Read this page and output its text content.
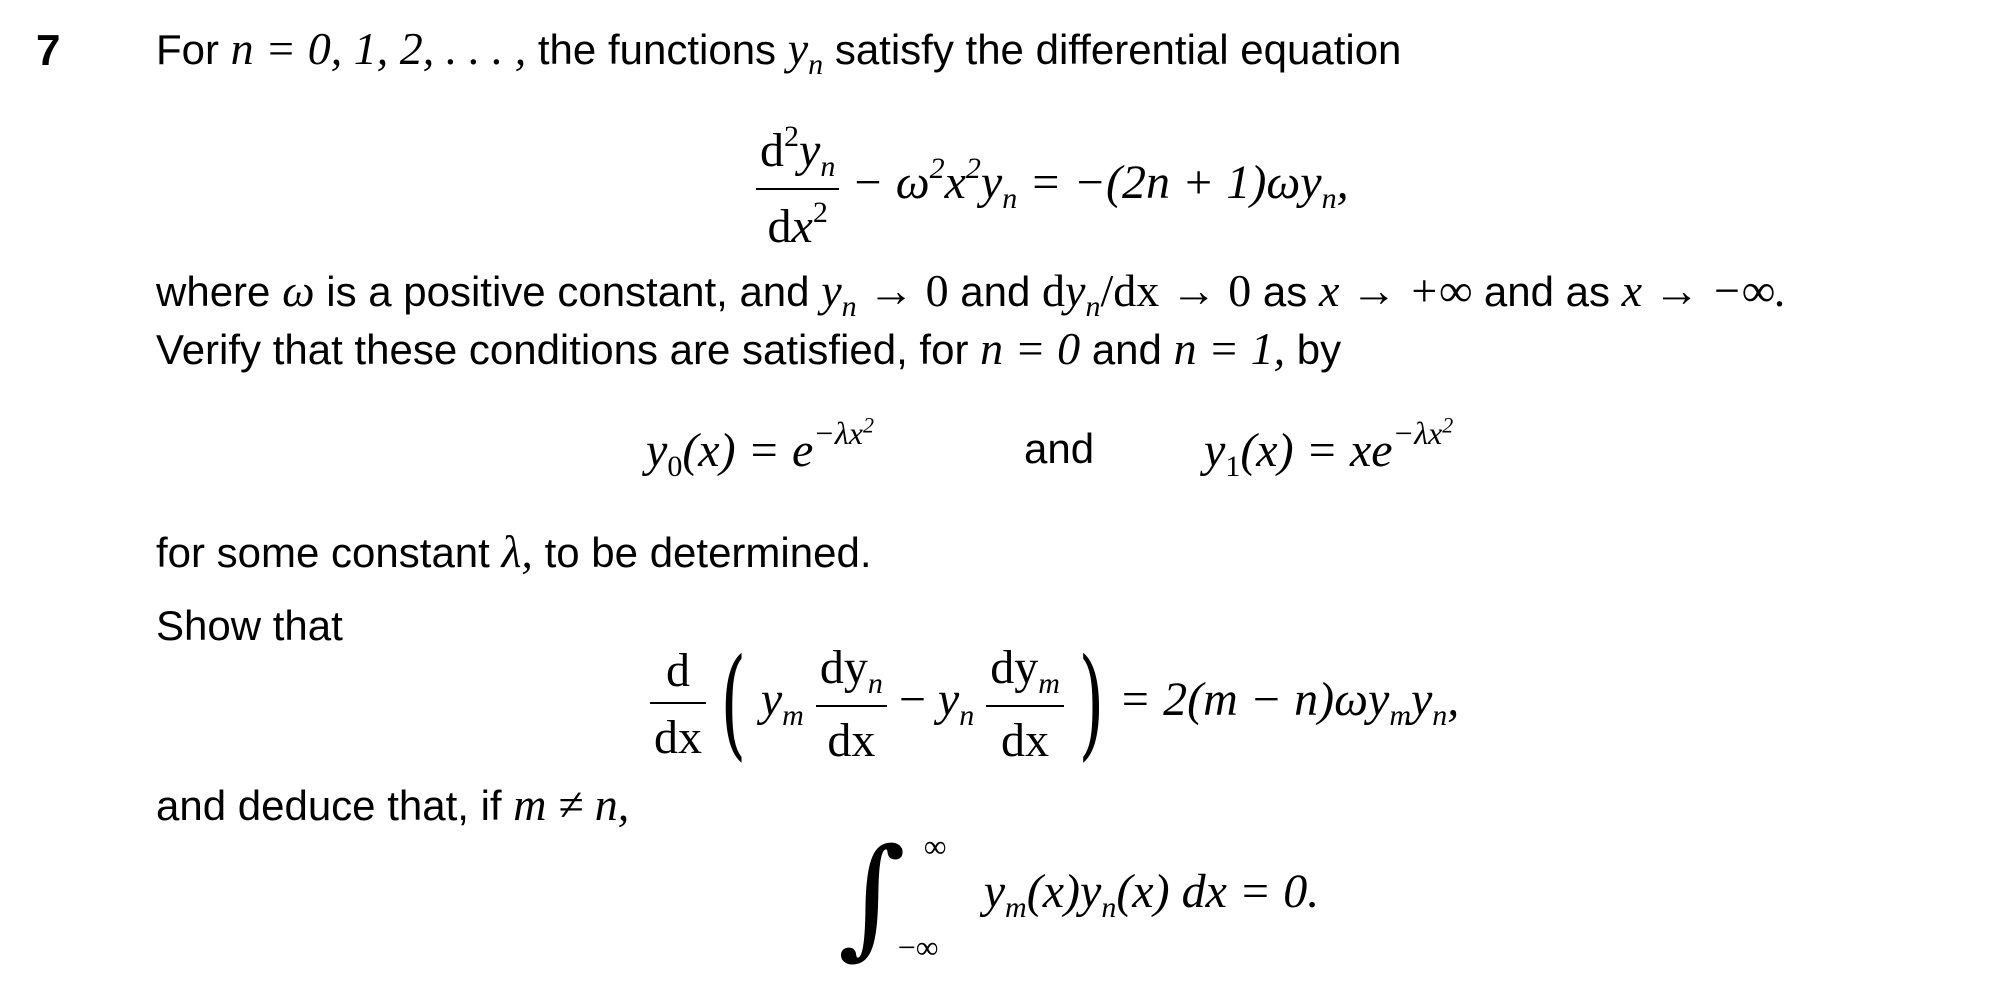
7 For n = 0, 1, 2, . . . , the functions $y_n$ satisfy the differential equation
$\frac{d^2y_n}{dx^2} - \omega^2x^2y_n = -(2n + 1)\omega y_n$,
where ω is a positive constant, and $y_n \to 0$ and $dy_n/dx \to 0$ as x → +∞ and as x → −∞.
Verify that these conditions are satisfied, for n = 0 and n = 1, by
$y_0(x) = e^{-\lambda x^2}$
and $y_1(x) = xe^{-\lambda x^2}$
for some constant λ, to be determined.
Show that
$\frac{d}{dx}$ ( $y_m \frac{dy_n}{dx} - y_n \frac{dy_m}{dx}$ ) = $2(m - n)\omega y_my_n$,
and deduce that, if m ≠ n,
∫ ∞
−∞
$y_m(x)y_n(x)$ dx = 0.
